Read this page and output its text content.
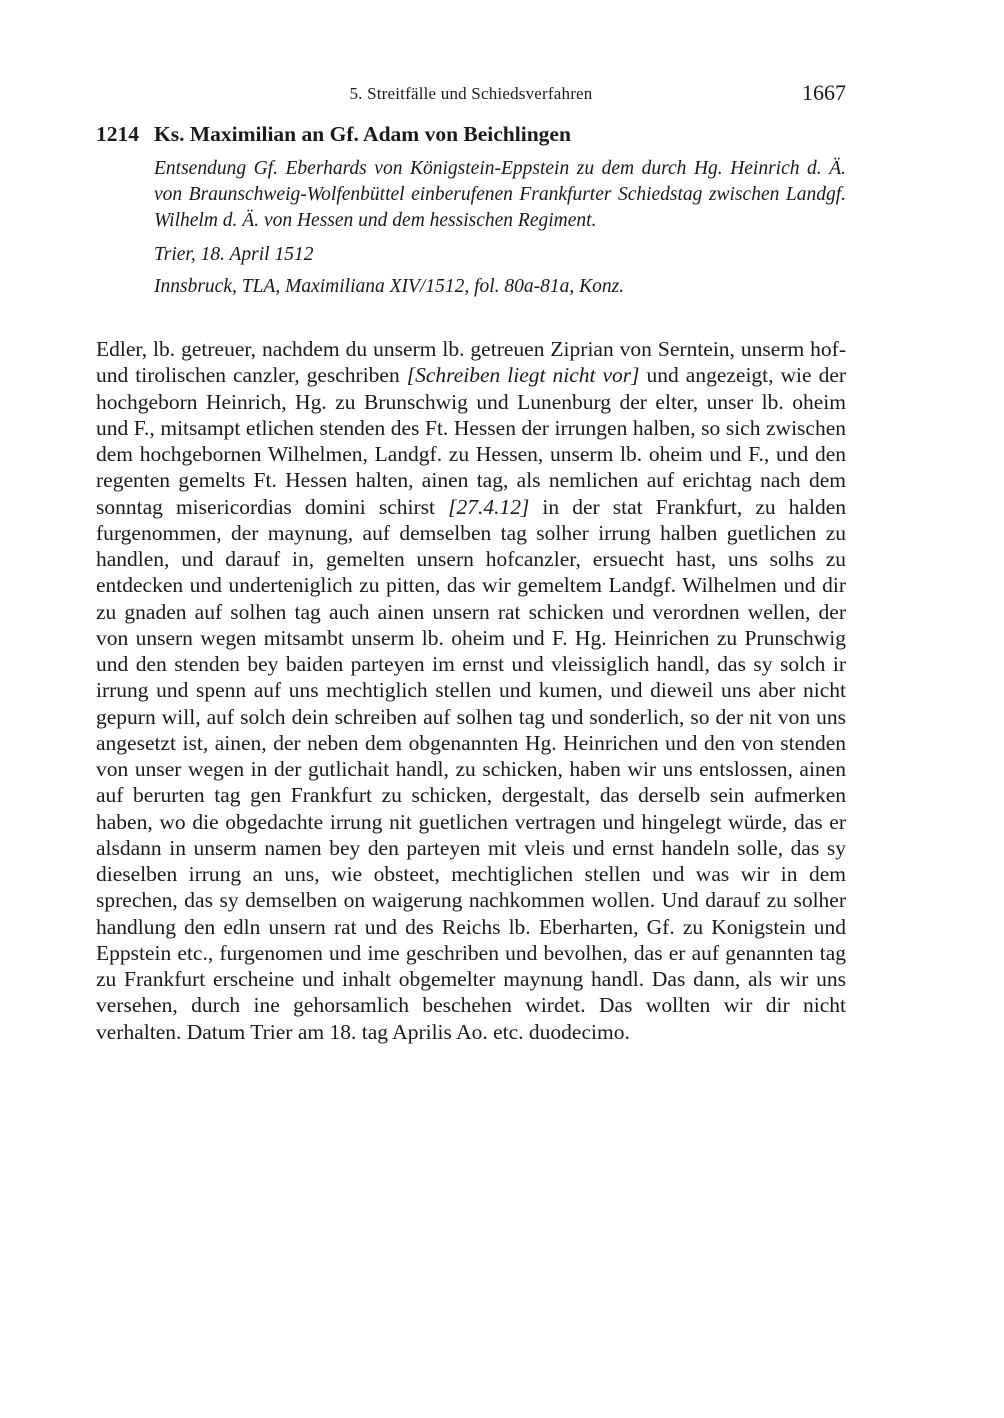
5. Streitfälle und Schiedsverfahren	1667
1214 Ks. Maximilian an Gf. Adam von Beichlingen

Entsendung Gf. Eberhards von Königstein-Eppstein zu dem durch Hg. Heinrich d. Ä. von Braunschweig-Wolfenbüttel einberufenen Frankfurter Schiedstag zwischen Landgf. Wilhelm d. Ä. von Hessen und dem hessischen Regiment.

Trier, 18. April 1512

Innsbruck, TLA, Maximiliana XIV/1512, fol. 80a-81a, Konz.

Edler, lb. getreuer, nachdem du unserm lb. getreuen Ziprian von Serntein, unserm hof- und tirolischen canzler, geschriben [Schreiben liegt nicht vor] und angezeigt, wie der hochgeborn Heinrich, Hg. zu Brunschwig und Lunenburg der elter, unser lb. oheim und F., mitsampt etlichen stenden des Ft. Hessen der irrungen halben, so sich zwischen dem hochgebornen Wilhelmen, Landgf. zu Hessen, unserm lb. oheim und F., und den regenten gemelts Ft. Hessen halten, ainen tag, als nemlichen auf erichtag nach dem sonntag misericordias domini schirst [27.4.12] in der stat Frankfurt, zu halden furgenommen, der maynung, auf demselben tag solher irrung halben guetlichen zu handlen, und darauf in, gemelten unsern hofcanzler, ersuecht hast, uns solhs zu entdecken und underteniglich zu pitten, das wir gemeltem Landgf. Wilhelmen und dir zu gnaden auf solhen tag auch ainen unsern rat schicken und verordnen wellen, der von unsern wegen mitsambt unserm lb. oheim und F. Hg. Heinrichen zu Prunschwig und den stenden bey baiden parteyen im ernst und vleissiglich handl, das sy solch ir irrung und spenn auf uns mechtiglich stellen und kumen, und dieweil uns aber nicht gepurn will, auf solch dein schreiben auf solhen tag und sonderlich, so der nit von uns angesetzt ist, ainen, der neben dem obgenannten Hg. Heinrichen und den von stenden von unser wegen in der gutlichait handl, zu schicken, haben wir uns entslossen, ainen auf berurten tag gen Frankfurt zu schicken, dergestalt, das derselb sein aufmerken haben, wo die obgedachte irrung nit guetlichen vertragen und hingelegt würde, das er alsdann in unserm namen bey den parteyen mit vleis und ernst handeln solle, das sy dieselben irrung an uns, wie obsteet, mechtiglichen stellen und was wir in dem sprechen, das sy demselben on waigerung nachkommen wollen. Und darauf zu solher handlung den edln unsern rat und des Reichs lb. Eberharten, Gf. zu Konigstein und Eppstein etc., furgenomen und ime geschriben und bevolhen, das er auf genannten tag zu Frankfurt erscheine und inhalt obgemelter maynung handl. Das dann, als wir uns versehen, durch ine gehorsamlich beschehen wirdet. Das wollten wir dir nicht verhalten. Datum Trier am 18. tag Aprilis Ao. etc. duodecimo.
